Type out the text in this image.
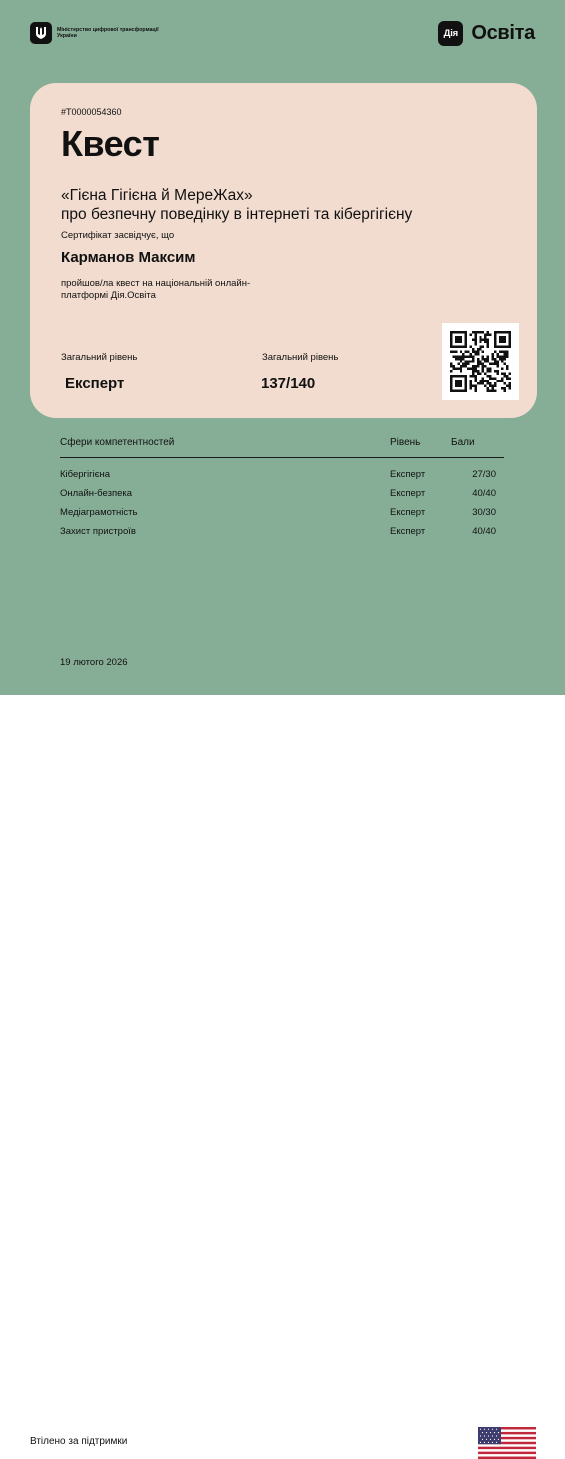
Міністерство цифрової трансформації України	Дія Освіта
#T0000054360
Квест
«Гієна Гігієна й МереЖах»
про безпечну поведінку в інтернеті та кібергігієну
Сертифікат засвідчує, що
Карманов Максим
пройшов/ла квест на національній онлайн-платформі Дія.Освіта
Загальний рівень
Експерт
Загальний рівень
137/140
Сфери компетентностей	Рівень	Бали
Кібергігієна	Експерт	27/30
Онлайн-безпека	Експерт	40/40
Медіаграмотність	Експерт	30/30
Захист пристроїв	Експерт	40/40
19 лютого 2026
Втілено за підтримки
